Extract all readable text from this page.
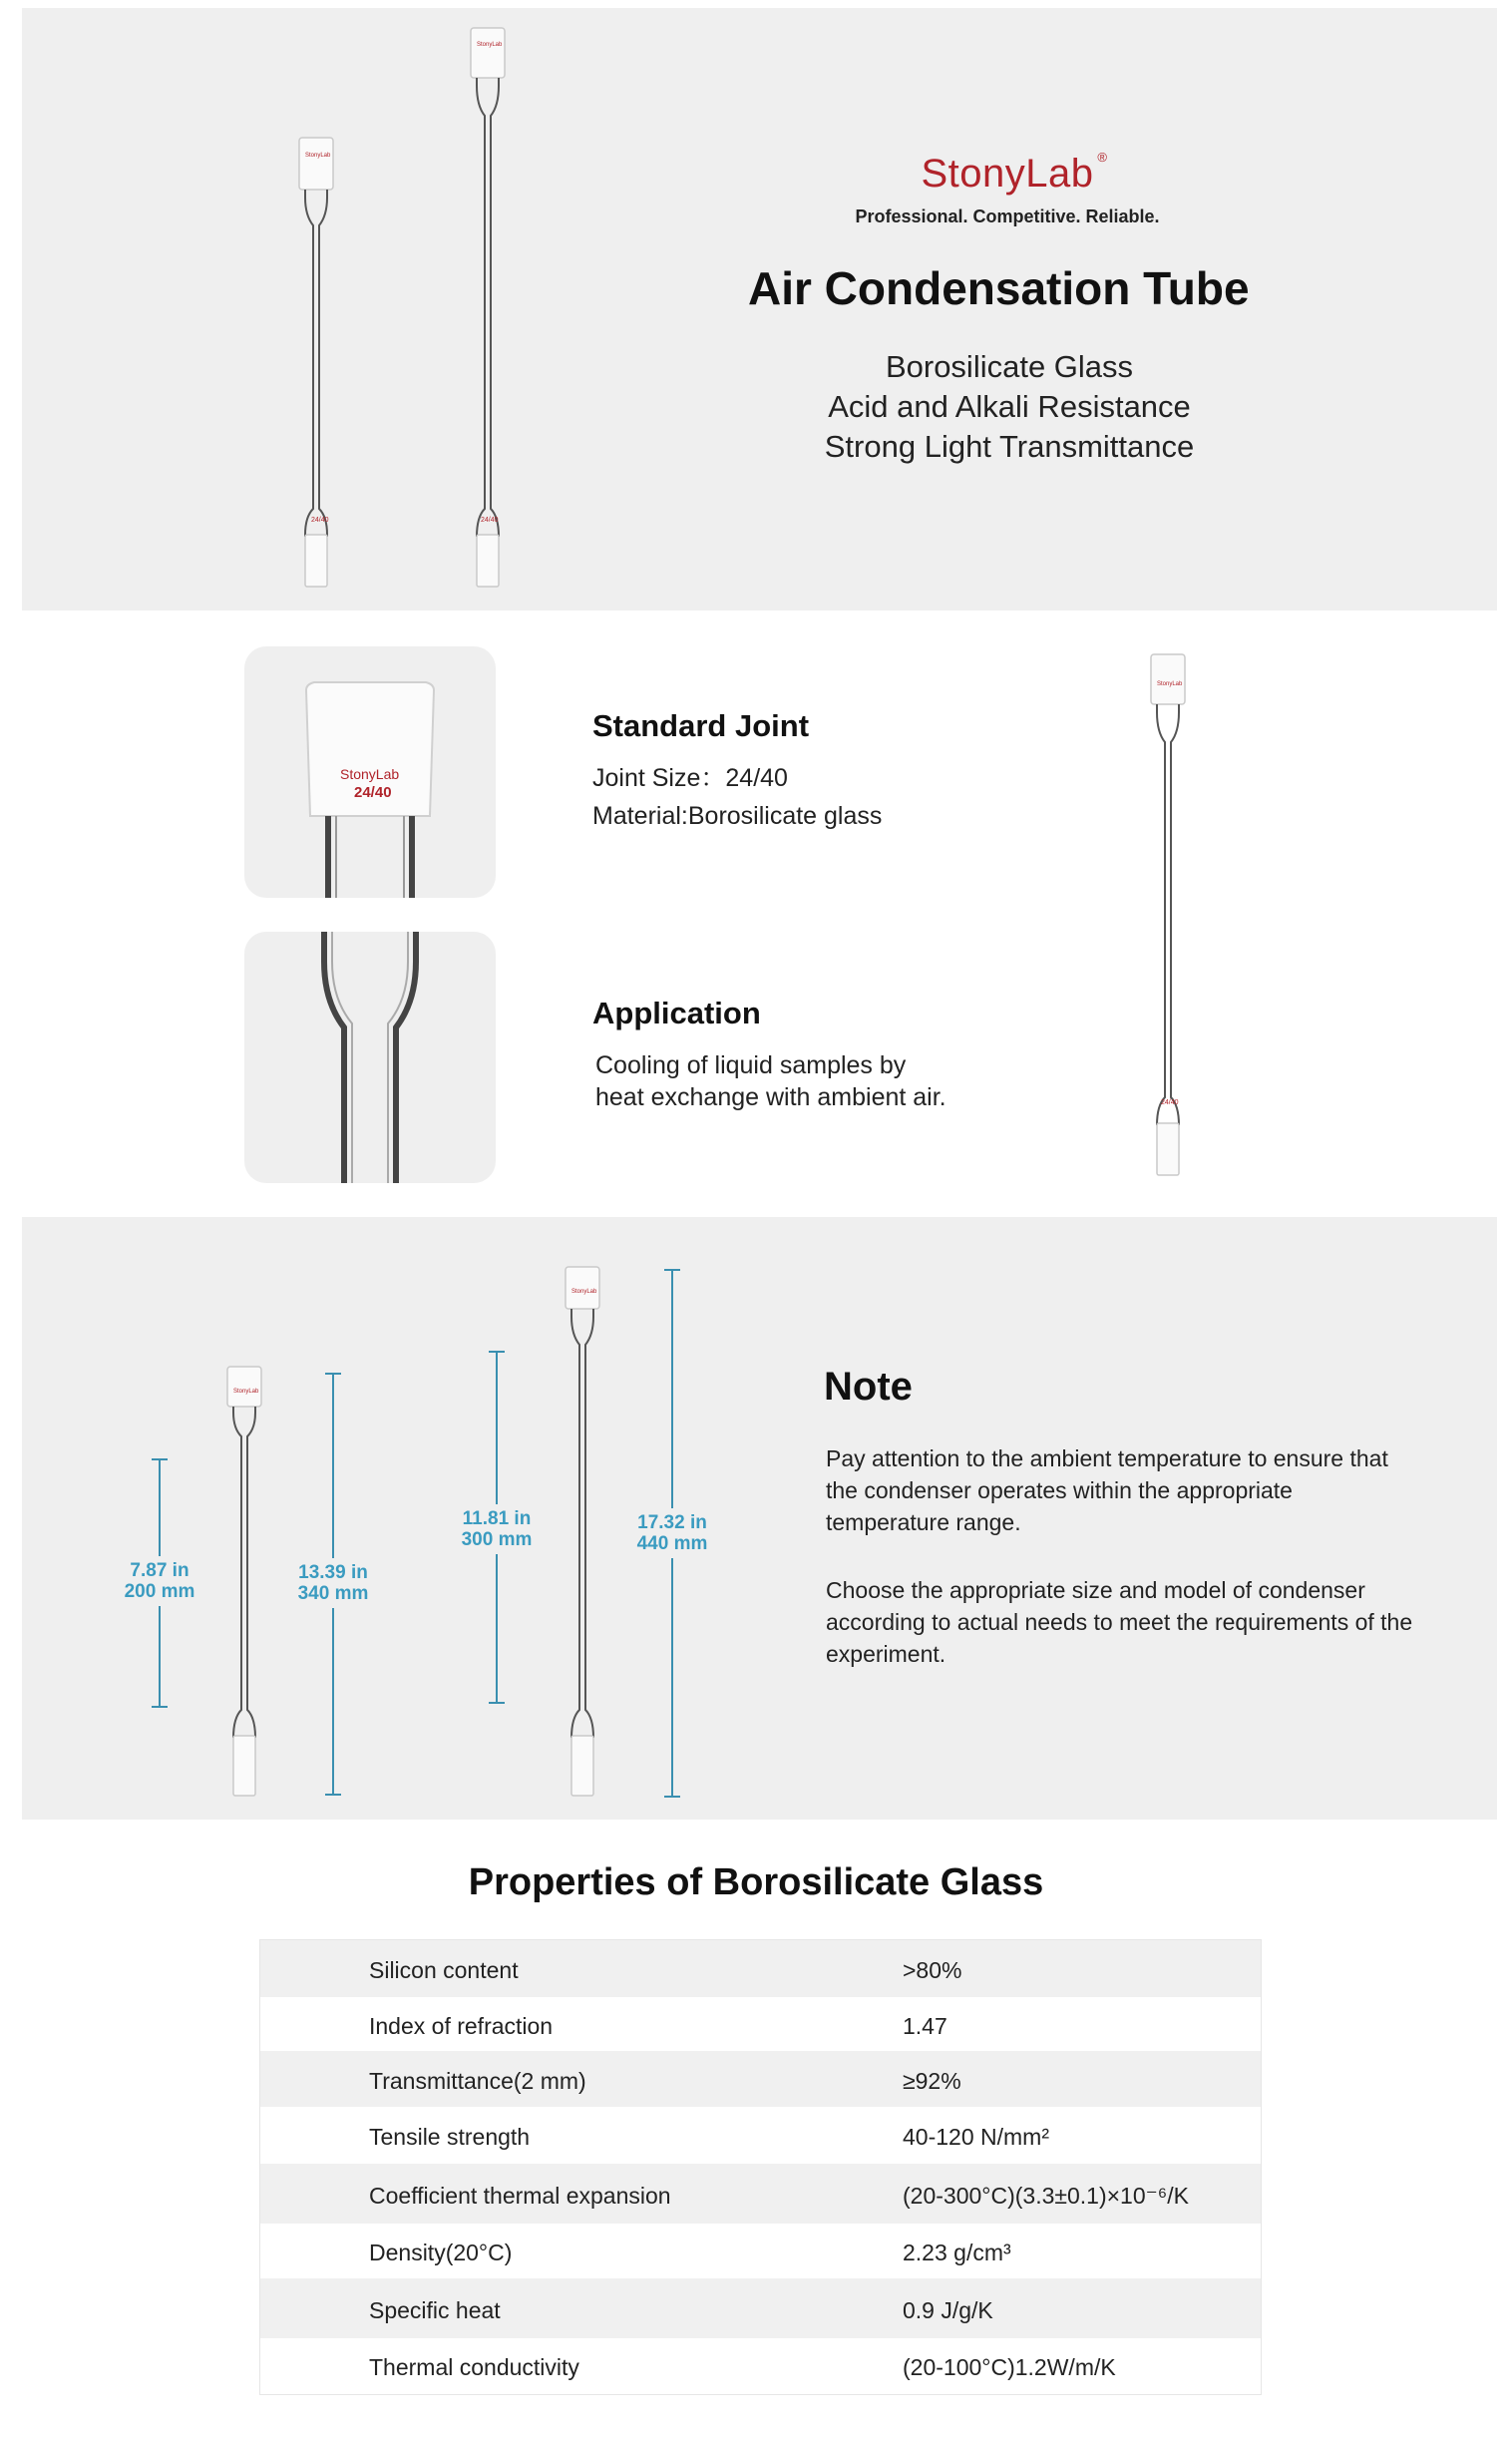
StonyLab
24/40
StonyLab
24/40
StonyLab ®
Professional. Competitive. Reliable.
Air Condensation Tube
Borosilicate Glass
Acid and Alkali Resistance
Strong Light Transmittance
StonyLab
24/40
Standard Joint
Joint Size：24/40
Material:Borosilicate glass
Application
Cooling of liquid samples by
heat exchange with ambient air.
StonyLab
24/40
StonyLab
StonyLab
7.87 in
200 mm
13.39 in
340 mm
11.81 in
300 mm
17.32 in
440 mm
Note
Pay attention to the ambient temperature to ensure that the condenser operates within the appropriate temperature range.
Choose the appropriate size and model of condenser according to actual needs to meet the requirements of the experiment.
Properties of Borosilicate Glass
Silicon content	>80%
Index of refraction	1.47
Transmittance(2 mm)	≥92%
Tensile strength	40-120 N/mm²
Coefficient thermal expansion	(20-300°C)(3.3±0.1)×10⁻⁶/K
Density(20°C)	2.23 g/cm³
Specific heat	0.9 J/g/K
Thermal conductivity	(20-100°C)1.2W/m/K
